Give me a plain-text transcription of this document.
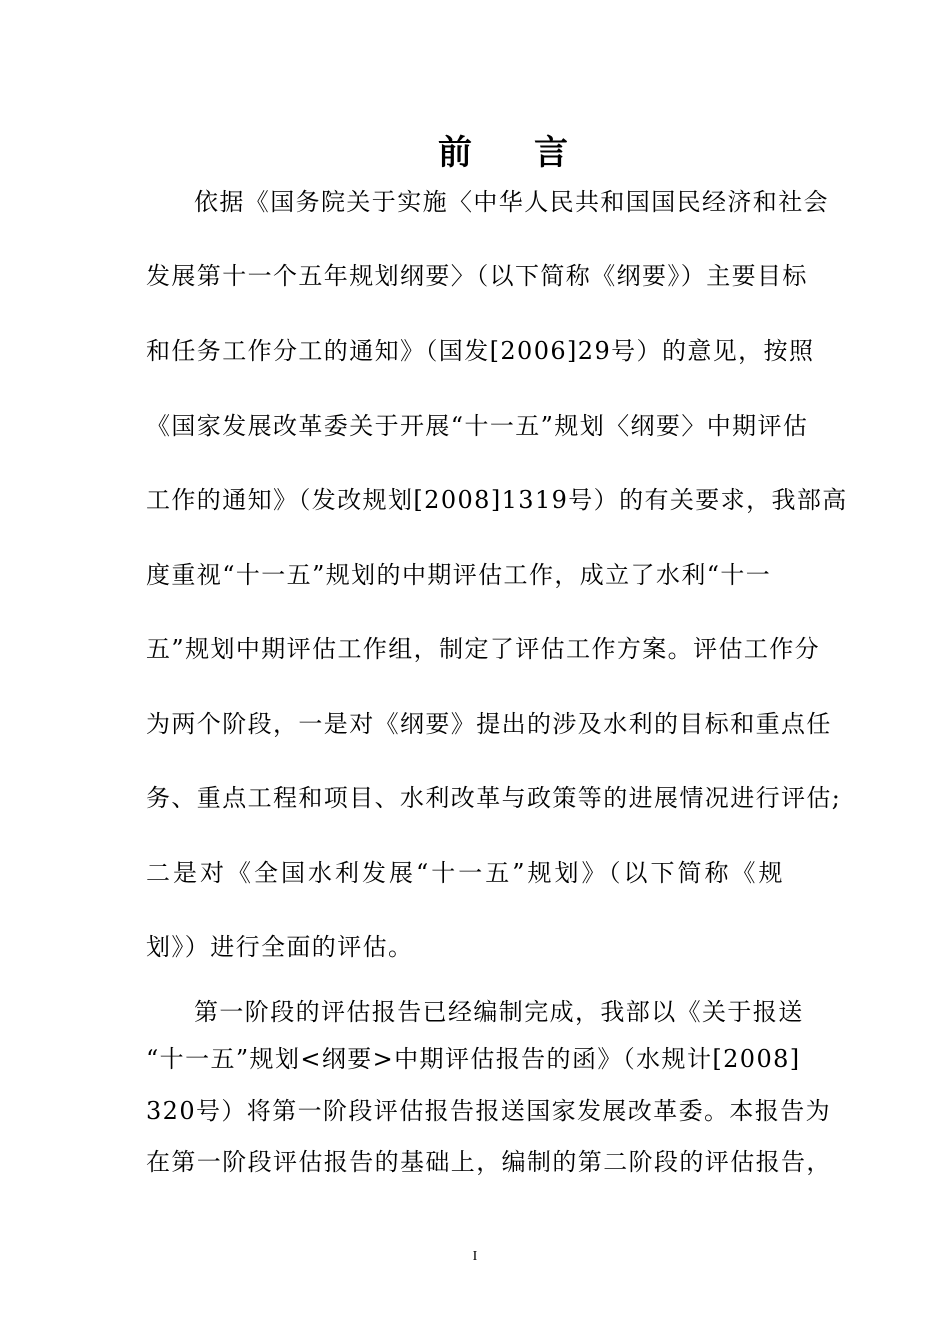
前　言
依据《国务院关于实施〈中华人民共和国国民经济和社会
发展第十一个五年规划纲要〉（以下简称《纲要》）主要目标
和任务工作分工的通知》（国发[2006]29号）的意见，按照
《国家发展改革委关于开展“十一五”规划〈纲要〉中期评估
工作的通知》（发改规划[2008]1319号）的有关要求，我部高
度重视“十一五”规划的中期评估工作，成立了水利“十一
五”规划中期评估工作组，制定了评估工作方案。评估工作分
为两个阶段，一是对《纲要》提出的涉及水利的目标和重点任
务、重点工程和项目、水利改革与政策等的进展情况进行评估;
二是对《全国水利发展“十一五”规划》（以下简称《规
划》）进行全面的评估。
第一阶段的评估报告已经编制完成，我部以《关于报送
“十一五”规划<纲要>中期评估报告的函》（水规计[2008]
320号）将第一阶段评估报告报送国家发展改革委。本报告为
在第一阶段评估报告的基础上，编制的第二阶段的评估报告，
I
